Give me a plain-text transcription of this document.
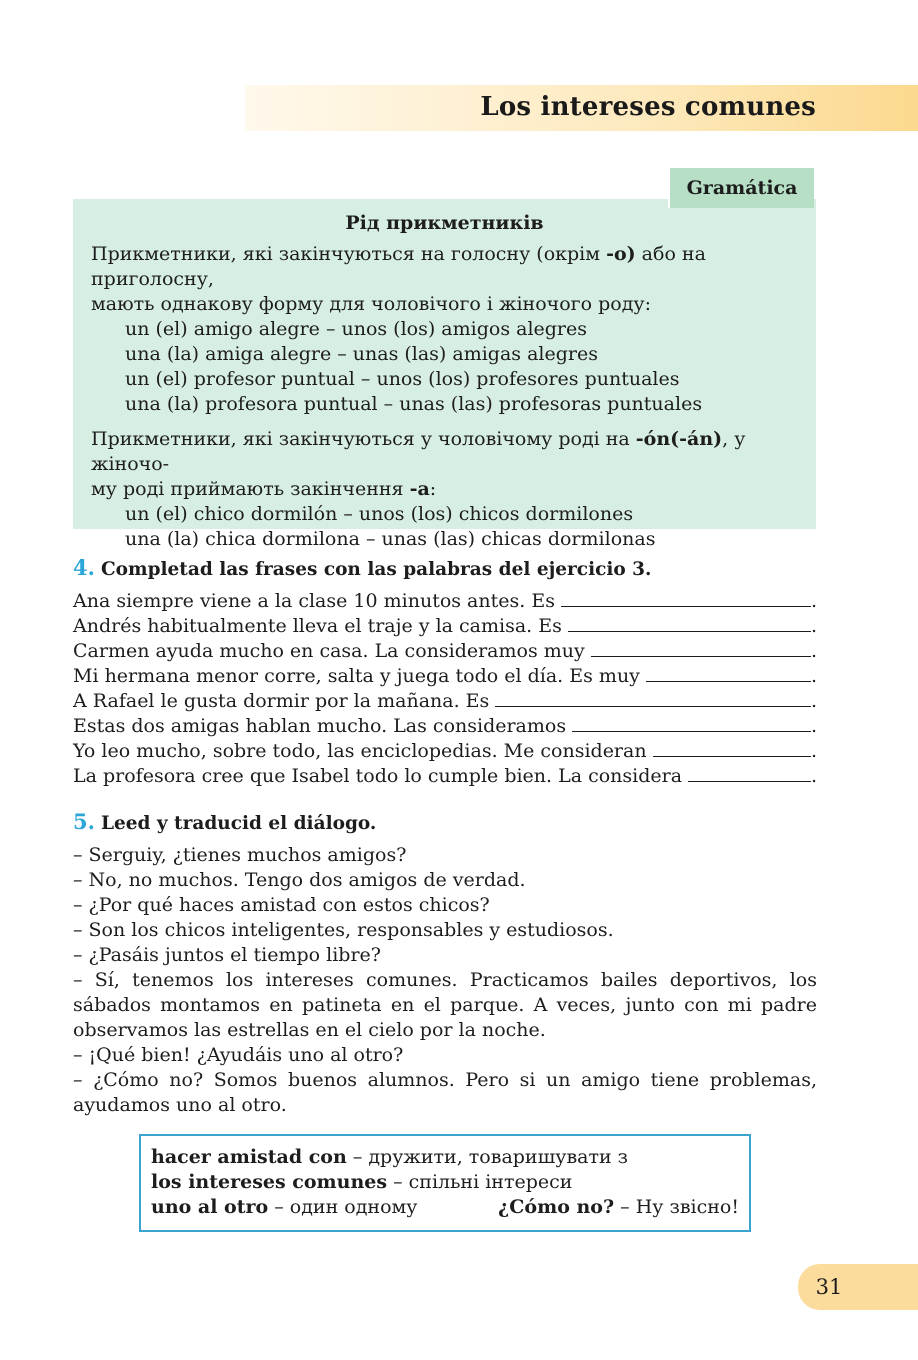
Los intereses comunes
Рід прикметників

Прикметники, які закінчуються на голосну (окрім -o) або на приголосну,
мають однакову форму для чоловічого і жіночого роду:

un (el) amigo alegre – unos (los) amigos alegres
una (la) amiga alegre – unas (las) amigas alegres
un (el) profesor puntual – unos (los) profesores puntuales
una (la) profesora puntual – unas (las) profesoras puntuales

Прикметники, які закінчуються у чоловічому роді на -ón(-án), у жіночо-
му роді приймають закінчення -a:

un (el) chico dormilón – unos (los) chicos dormilones
una (la) chica dormilona – unas (las) chicas dormilonas
Gramática
4. Completad las frases con las palabras del ejercicio 3.
Ana siempre viene a la clase 10 minutos antes. Es	.
Andrés habitualmente lleva el traje y la camisa. Es	.
Carmen ayuda mucho en casa. La consideramos muy	.
Mi hermana menor corre, salta y juega todo el día. Es muy	.
A Rafael le gusta dormir por la mañana. Es	.
Estas dos amigas hablan mucho. Las consideramos	.
Yo leo mucho, sobre todo, las enciclopedias. Me consideran	.
La profesora cree que Isabel todo lo cumple bien. La considera	.
5. Leed y traducid el diálogo.

– Serguiy, ¿tienes muchos amigos?

– No, no muchos. Tengo dos amigos de verdad.

– ¿Por qué haces amistad con estos chicos?

– Son los chicos inteligentes, responsables y estudiosos.

– ¿Pasáis juntos el tiempo libre?

– Sí, tenemos los intereses comunes. Practicamos bailes deportivos, los sábados montamos en patineta en el parque. A veces, junto con mi padre observamos las estrellas en el cielo por la noche.

– ¡Qué bien! ¿Ayudáis uno al otro?

– ¿Cómo no? Somos buenos alumnos. Pero si un amigo tiene problemas, ayudamos uno al otro.

hacer amistad con – дружити, товаришувати з
los intereses comunes – спільні інтереси
uno al otro – один одному	¿Cómo no? – Ну звісно!
31
